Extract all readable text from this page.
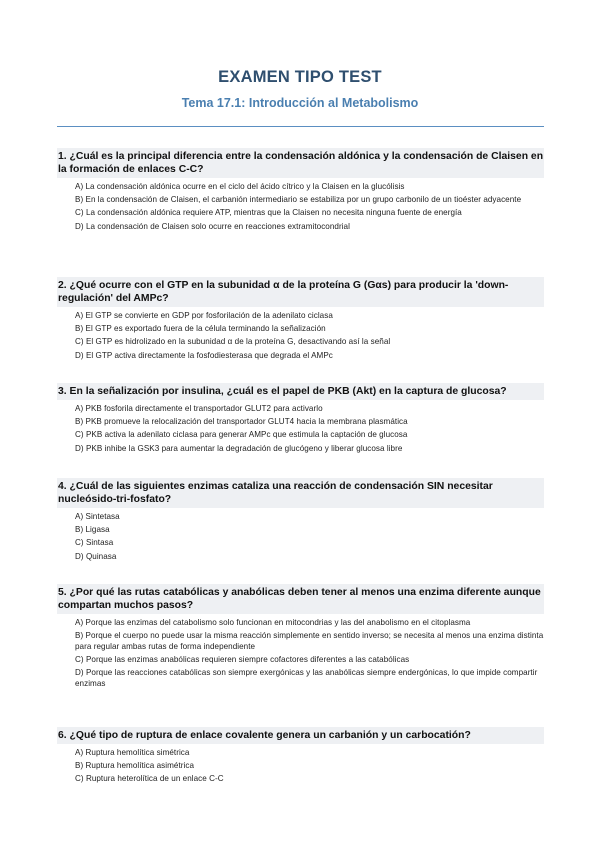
EXAMEN TIPO TEST
Tema 17.1: Introducción al Metabolismo
1. ¿Cuál es la principal diferencia entre la condensación aldónica y la condensación de Claisen en la formación de enlaces C-C?
A) La condensación aldónica ocurre en el ciclo del ácido cítrico y la Claisen en la glucólisis
B) En la condensación de Claisen, el carbanión intermediario se estabiliza por un grupo carbonilo de un tioéster adyacente
C) La condensación aldónica requiere ATP, mientras que la Claisen no necesita ninguna fuente de energía
D) La condensación de Claisen solo ocurre en reacciones extramitocondrial
2. ¿Qué ocurre con el GTP en la subunidad α de la proteína G (Gαs) para producir la 'down-regulación' del AMPc?
A) El GTP se convierte en GDP por fosforilación de la adenilato ciclasa
B) El GTP es exportado fuera de la célula terminando la señalización
C) El GTP es hidrolizado en la subunidad α de la proteína G, desactivando así la señal
D) El GTP activa directamente la fosfodiesterasa que degrada el AMPc
3. En la señalización por insulina, ¿cuál es el papel de PKB (Akt) en la captura de glucosa?
A) PKB fosforila directamente el transportador GLUT2 para activarlo
B) PKB promueve la relocalización del transportador GLUT4 hacia la membrana plasmática
C) PKB activa la adenilato ciclasa para generar AMPc que estimula la captación de glucosa
D) PKB inhibe la GSK3 para aumentar la degradación de glucógeno y liberar glucosa libre
4. ¿Cuál de las siguientes enzimas cataliza una reacción de condensación SIN necesitar nucleósido-tri-fosfato?
A) Sintetasa
B) Ligasa
C) Sintasa
D) Quinasa
5. ¿Por qué las rutas catabólicas y anabólicas deben tener al menos una enzima diferente aunque compartan muchos pasos?
A) Porque las enzimas del catabolismo solo funcionan en mitocondrias y las del anabolismo en el citoplasma
B) Porque el cuerpo no puede usar la misma reacción simplemente en sentido inverso; se necesita al menos una enzima distinta para regular ambas rutas de forma independiente
C) Porque las enzimas anabólicas requieren siempre cofactores diferentes a las catabólicas
D) Porque las reacciones catabólicas son siempre exergónicas y las anabólicas siempre endergónicas, lo que impide compartir enzimas
6. ¿Qué tipo de ruptura de enlace covalente genera un carbanión y un carbocatión?
A) Ruptura hemolítica simétrica
B) Ruptura hemolítica asimétrica
C) Ruptura heterolítica de un enlace C-C
